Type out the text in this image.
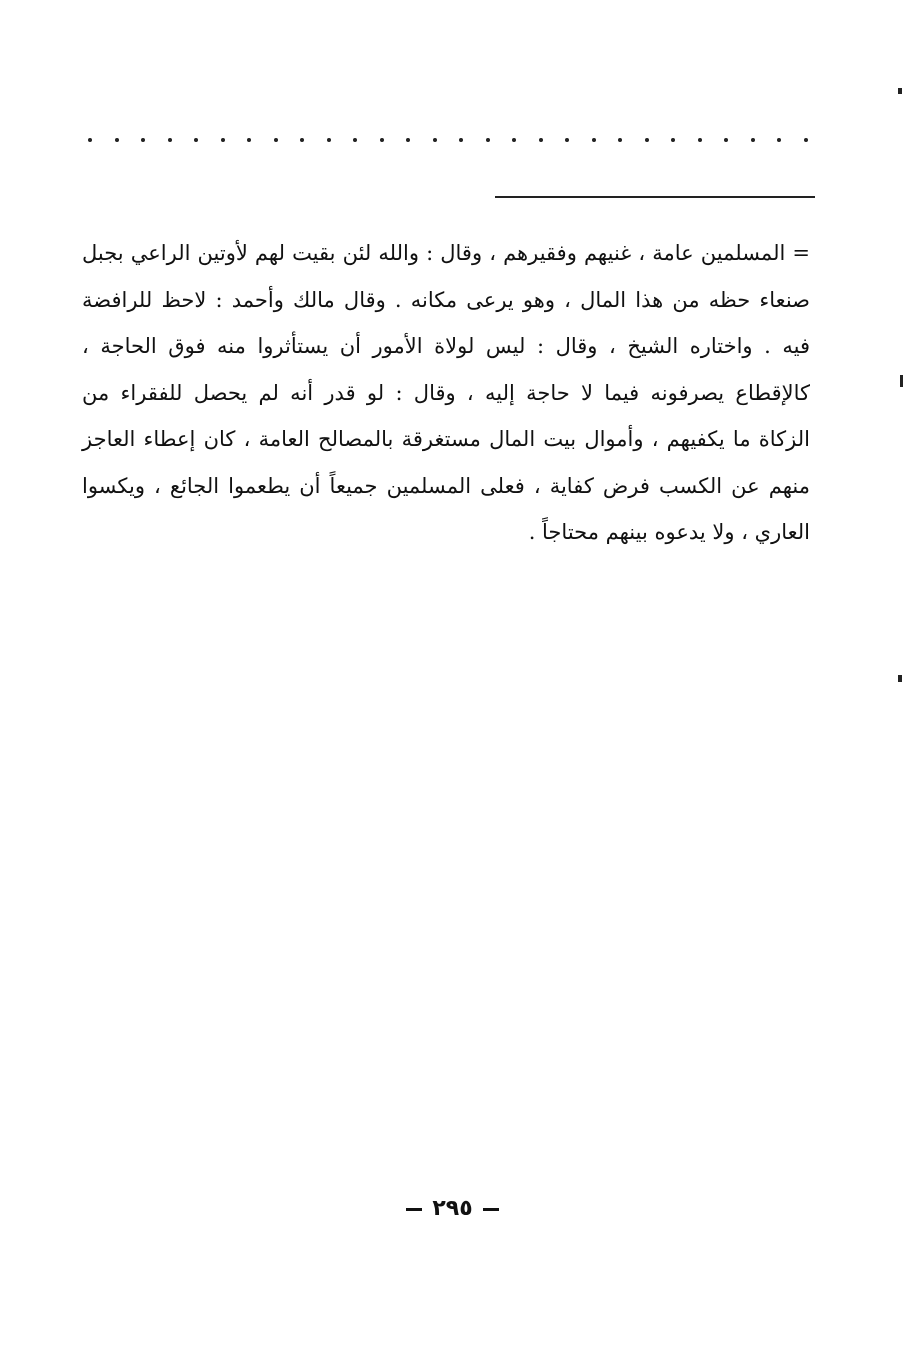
= المسلمين عامة ، غنيهم وفقيرهم ، وقال : والله لئن بقيت لهم لأوتين الراعي بجبل
صنعاء حظه من هذا المال ، وهو يرعى مكانه . وقال مالك وأحمد : لاحظ للرافضة
فيه . واختاره الشيخ ، وقال : ليس لولاة الأمور أن يستأثروا منه فوق الحاجة ،
كالإقطاع يصرفونه فيما لا حاجة إليه ، وقال : لو قدر أنه لم يحصل للفقراء من
الزكاة ما يكفيهم ، وأموال بيت المال مستغرقة بالمصالح العامة ، كان إعطاء العاجز
منهم عن الكسب فرض كفاية ، فعلى المسلمين جميعاً أن يطعموا الجائع ، ويكسوا
العاري ، ولا يدعوه بينهم محتاجاً .
٢٩٥
